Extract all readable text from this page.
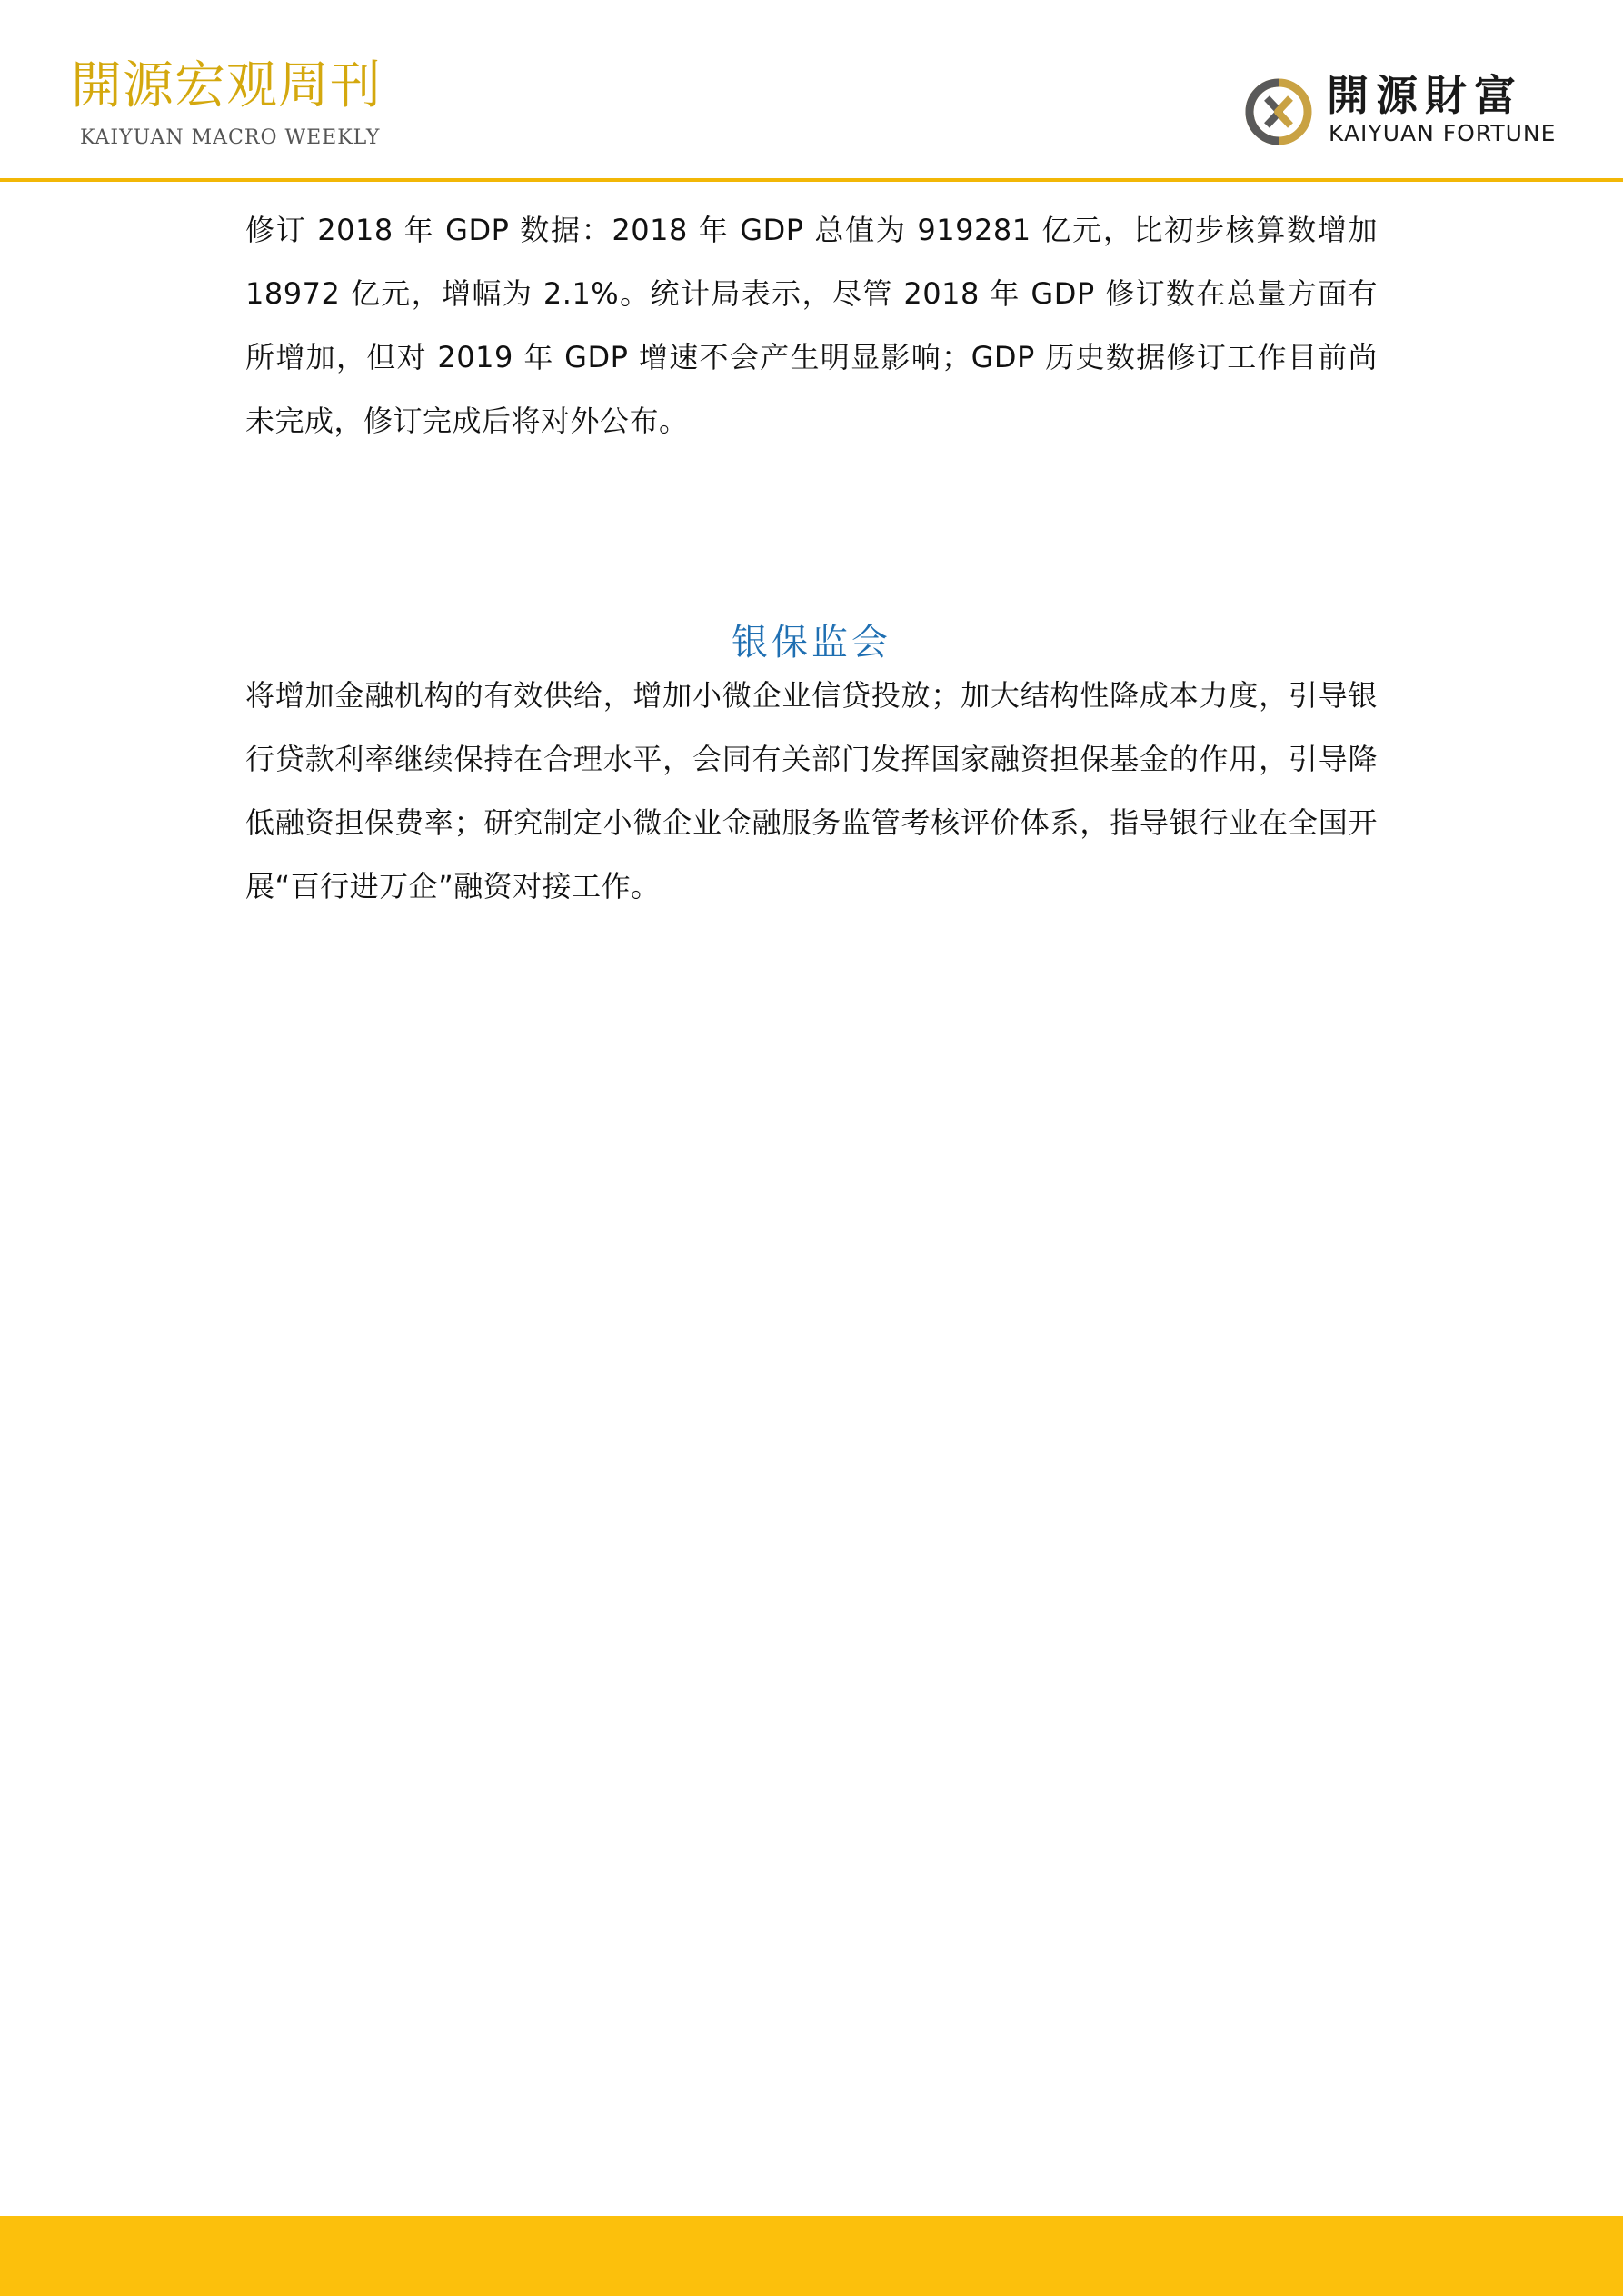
開源宏观周刊
KAIYUAN MACRO WEEKLY
開源財富
KAIYUAN FORTUNE

修订 2018 年 GDP 数据：2018 年 GDP 总值为 919281 亿元，比初步核算数增加 18972 亿元，增幅为 2.1%。统计局表示，尽管 2018 年 GDP 修订数在总量方面有所增加，但对 2019 年 GDP 增速不会产生明显影响；GDP 历史数据修订工作目前尚未完成，修订完成后将对外公布。

银保监会

将增加金融机构的有效供给，增加小微企业信贷投放；加大结构性降成本力度，引导银行贷款利率继续保持在合理水平，会同有关部门发挥国家融资担保基金的作用，引导降低融资担保费率；研究制定小微企业金融服务监管考核评价体系，指导银行业在全国开展“百行进万企”融资对接工作。
